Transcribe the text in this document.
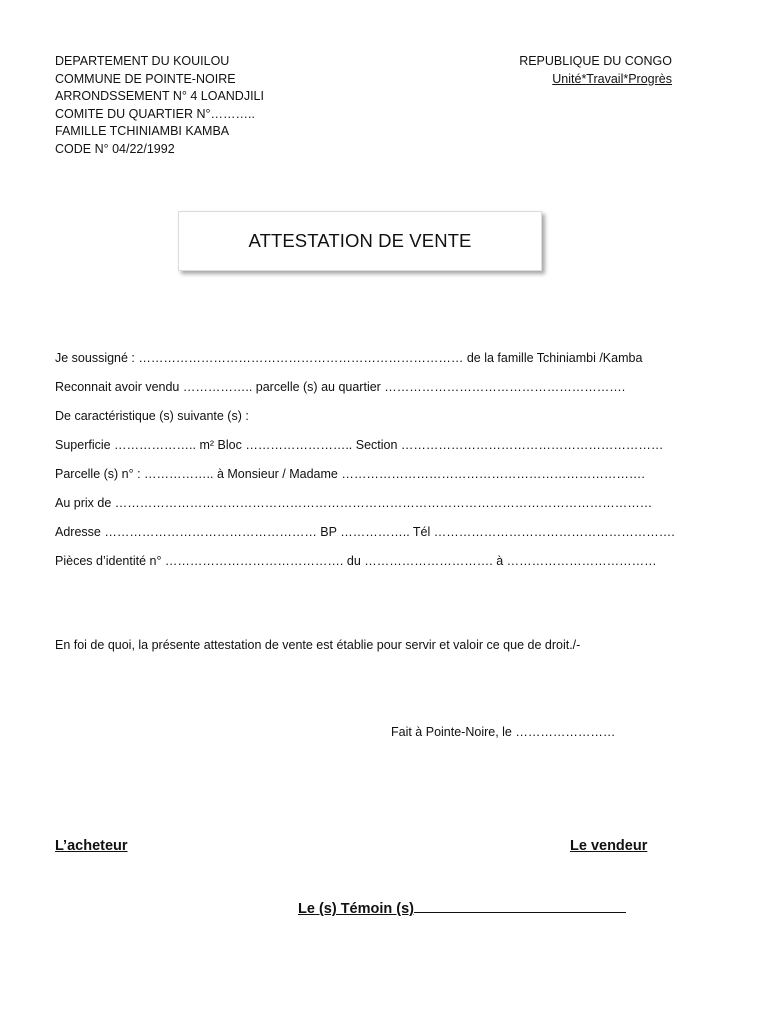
DEPARTEMENT DU KOUILOU
COMMUNE DE POINTE-NOIRE
ARRONDSSEMENT N° 4 LOANDJILI
COMITE DU QUARTIER N°………..
FAMILLE TCHINIAMBI KAMBA
CODE N° 04/22/1992
REPUBLIQUE DU CONGO
Unité*Travail*Progrès
ATTESTATION DE VENTE
Je soussigné : …………………………………………………………………… de la famille Tchiniambi /Kamba
Reconnait avoir vendu …………….. parcelle (s) au quartier ………………………………………………….
De caractéristique (s) suivante (s) :
Superficie ……………….. m² Bloc …………………….. Section ………………………………………………………
Parcelle (s) n° : …………….. à Monsieur / Madame ……………………………………………………………….
Au prix de …………………………………………………………………………………………………………………
Adresse …………………………………………… BP …………….. Tél ………………………………………………….
Pièces d’identité n° ……………………………………. du …………………………. à ………………………………
En foi de quoi, la présente attestation de vente est établie pour servir et valoir ce que de droit./-
Fait à Pointe-Noire, le ……………………
L’acheteur	Le vendeur
Le (s) Témoin (s)
